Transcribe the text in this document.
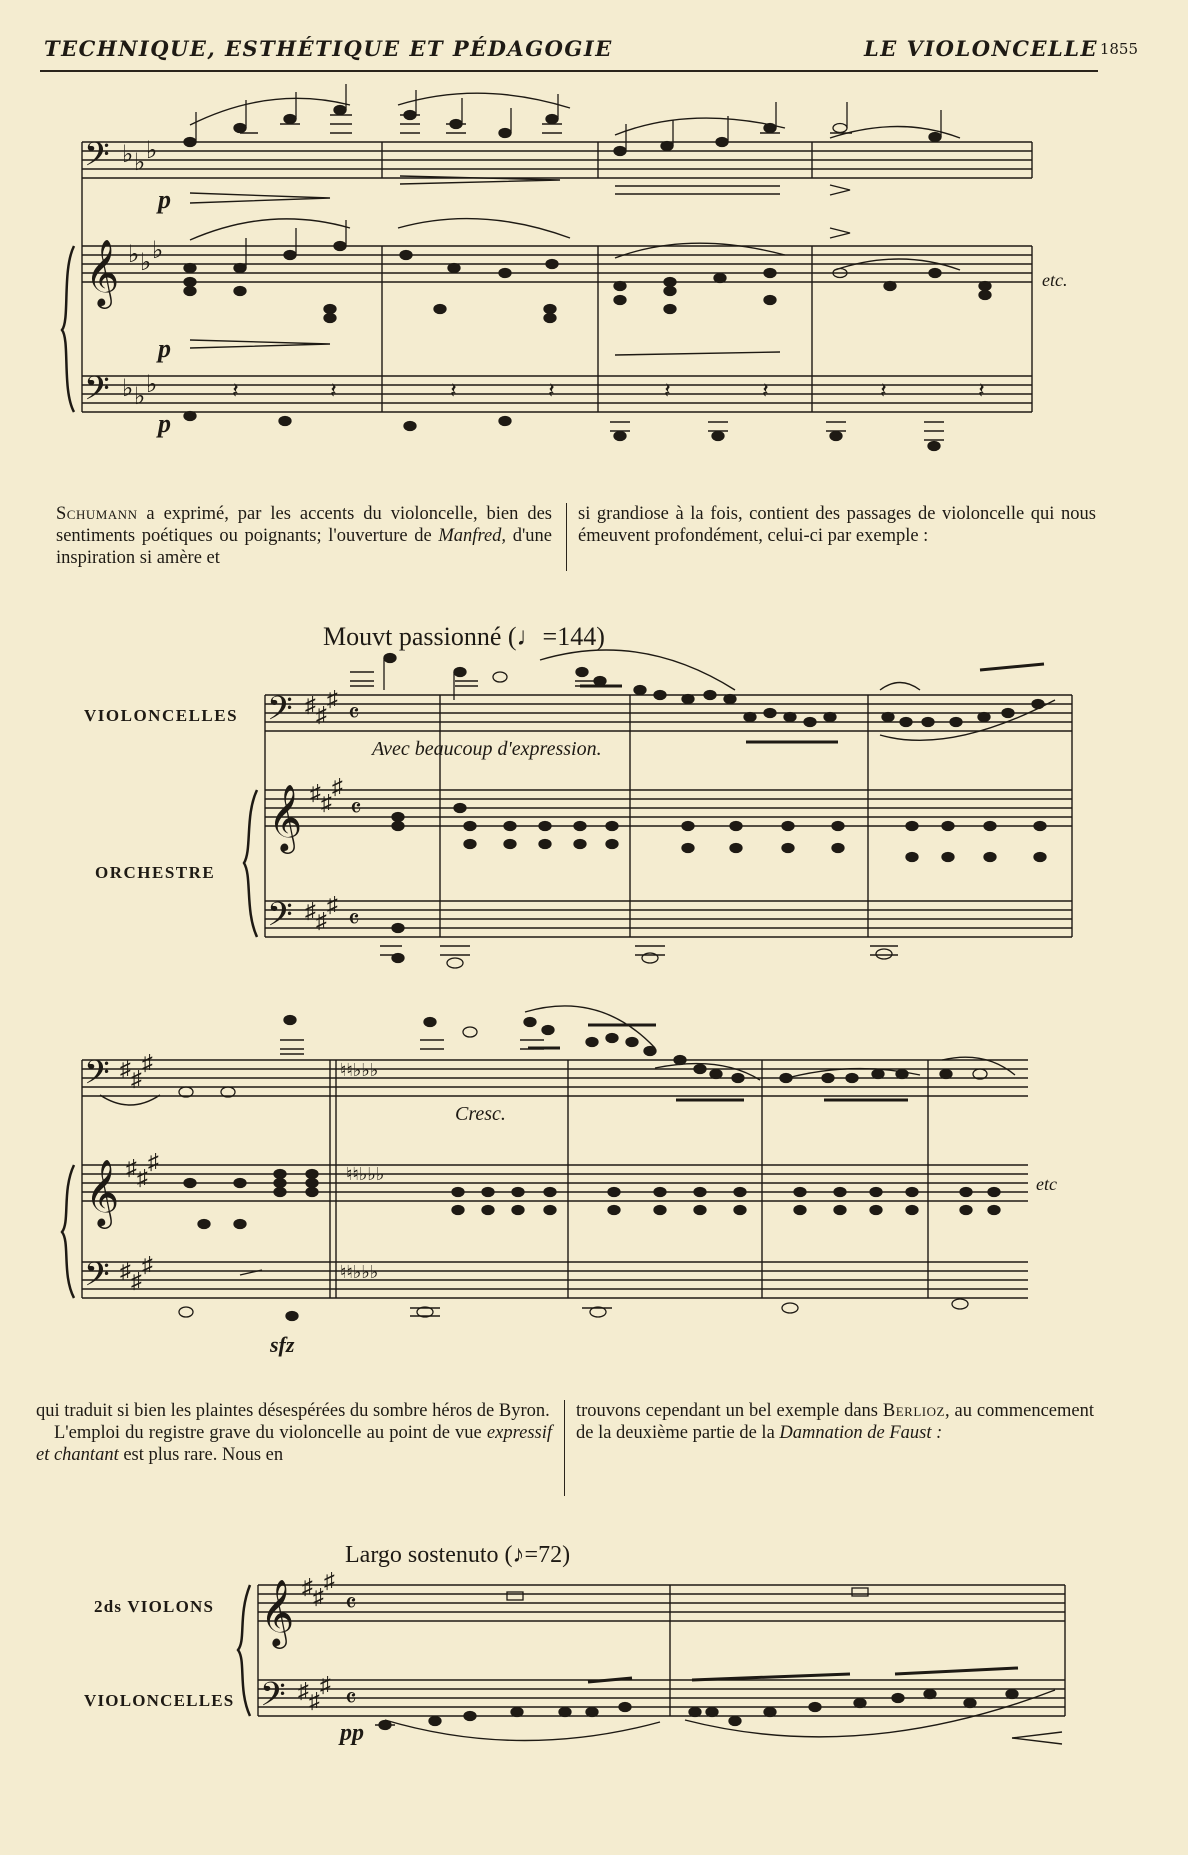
TECHNIQUE, ESTHÉTIQUE ET PÉDAGOGIE	LE VIOLONCELLE 1855
𝄢
𝄞
𝄢
♭ ♭ ♭
♭ ♭ ♭
♭ ♭ ♭	𝄽	𝄽	𝄽	𝄽	𝄽	𝄽	𝄽	𝄽
p
p
p
etc.
Schumann a exprimé, par les accents du violoncelle, bien des sentiments poétiques ou poignants; l'ouverture de Manfred, d'une inspiration si amère et
si grandiose à la fois, contient des passages de violoncelle qui nous émeuvent profondément, celui-ci par exemple :
𝄢
𝄞
𝄢
♯ ♯
♯
♯ ♯
♯
♯ ♯
♯
𝄴
𝄴
𝄴
𝄢
𝄞
𝄢
♯ ♯
♯
♯ ♯
♯
♯ ♯
♯
♮♮♭♭♭
♮♮♭♭♭
♮♮♭♭♭
Mouvt passionné (♩=144)
Avec beaucoup d'expression.
VIOLONCELLES
ORCHESTRE
Cresc.
sfz
etc
qui traduit si bien les plaintes désespérées du sombre héros de Byron.
L'emploi du registre grave du violoncelle au point de vue expressif et chantant est plus rare. Nous en
trouvons cependant un bel exemple dans Berlioz, au commencement de la deuxième partie de la Damnation de Faust :
𝄞
𝄢
♯ ♯
♯
♯ ♯
♯
𝄴
𝄴
Largo sostenuto (♪=72)
2ds VIOLONS
VIOLONCELLES
pp
